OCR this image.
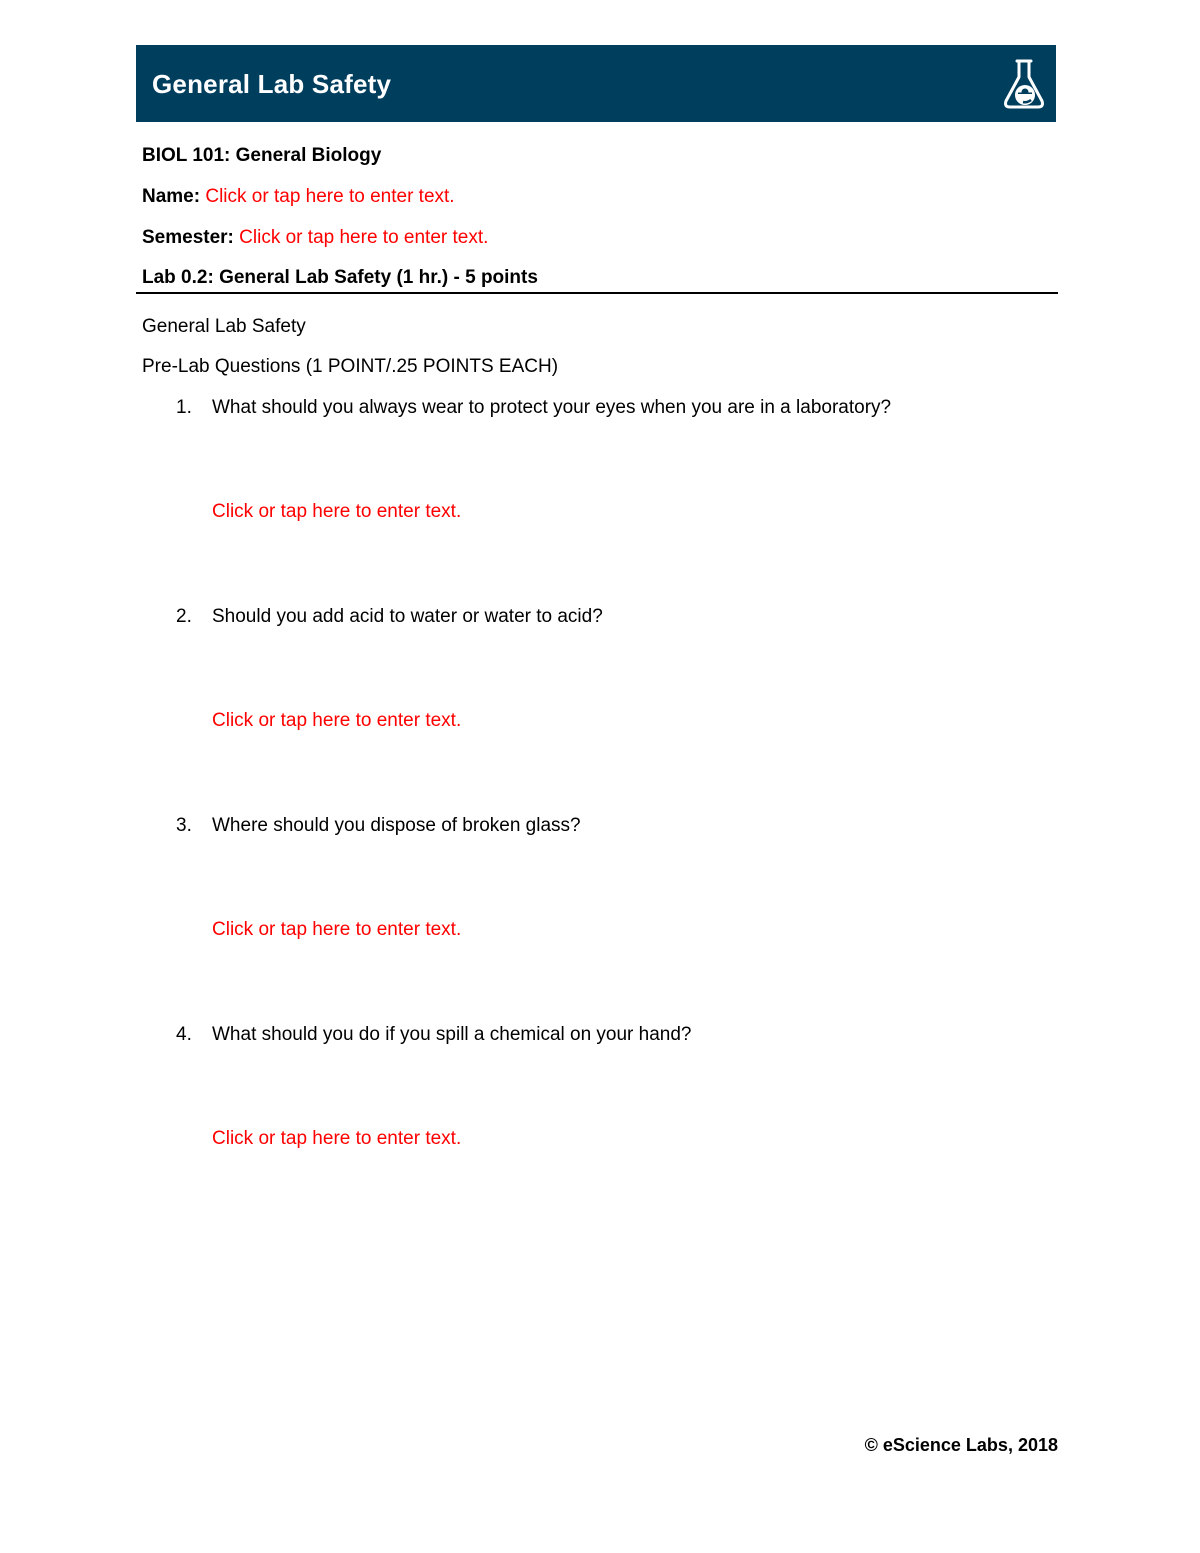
General Lab Safety
BIOL 101: General Biology
Name: Click or tap here to enter text.
Semester: Click or tap here to enter text.
Lab 0.2: General Lab Safety (1 hr.) - 5 points
General Lab Safety
Pre-Lab Questions (1 POINT/.25 POINTS EACH)
1. What should you always wear to protect your eyes when you are in a laboratory?
Click or tap here to enter text.
2. Should you add acid to water or water to acid?
Click or tap here to enter text.
3. Where should you dispose of broken glass?
Click or tap here to enter text.
4. What should you do if you spill a chemical on your hand?
Click or tap here to enter text.
© eScience Labs, 2018
